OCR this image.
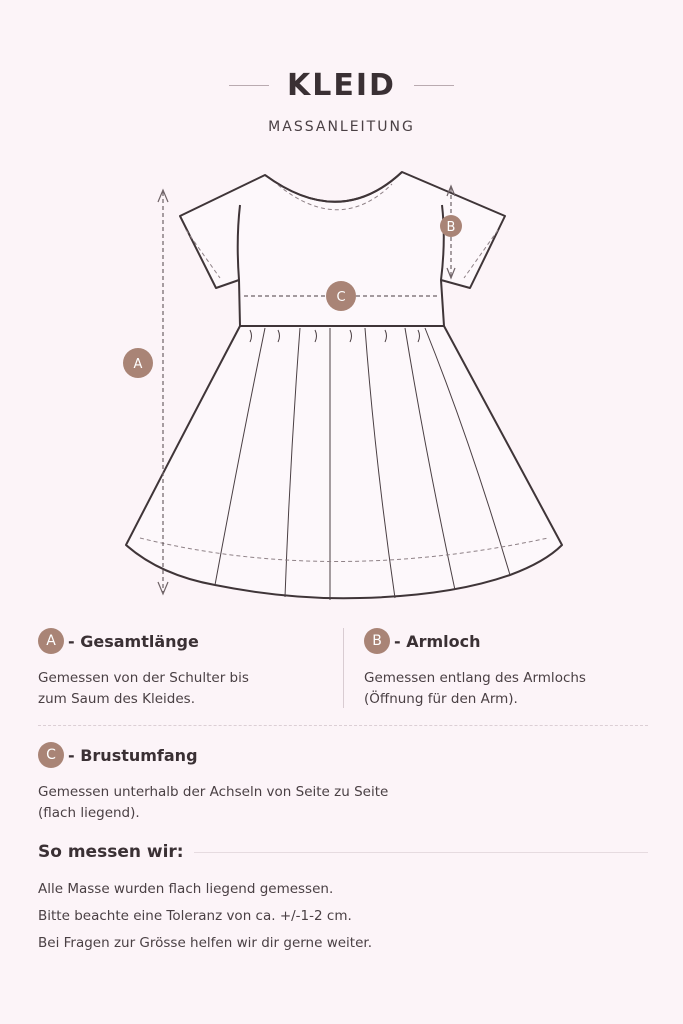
KLEID
MASSANLEITUNG
A
B
C
A - Gesamtlänge
Gemessen von der Schulter bis
zum Saum des Kleides.
B - Armloch
Gemessen entlang des Armlochs
(Öffnung für den Arm).
C - Brustumfang
Gemessen unterhalb der Achseln von Seite zu Seite
(flach liegend).
So messen wir:
Alle Masse wurden flach liegend gemessen.
Bitte beachte eine Toleranz von ca. +/-1-2 cm.
Bei Fragen zur Grösse helfen wir dir gerne weiter.
